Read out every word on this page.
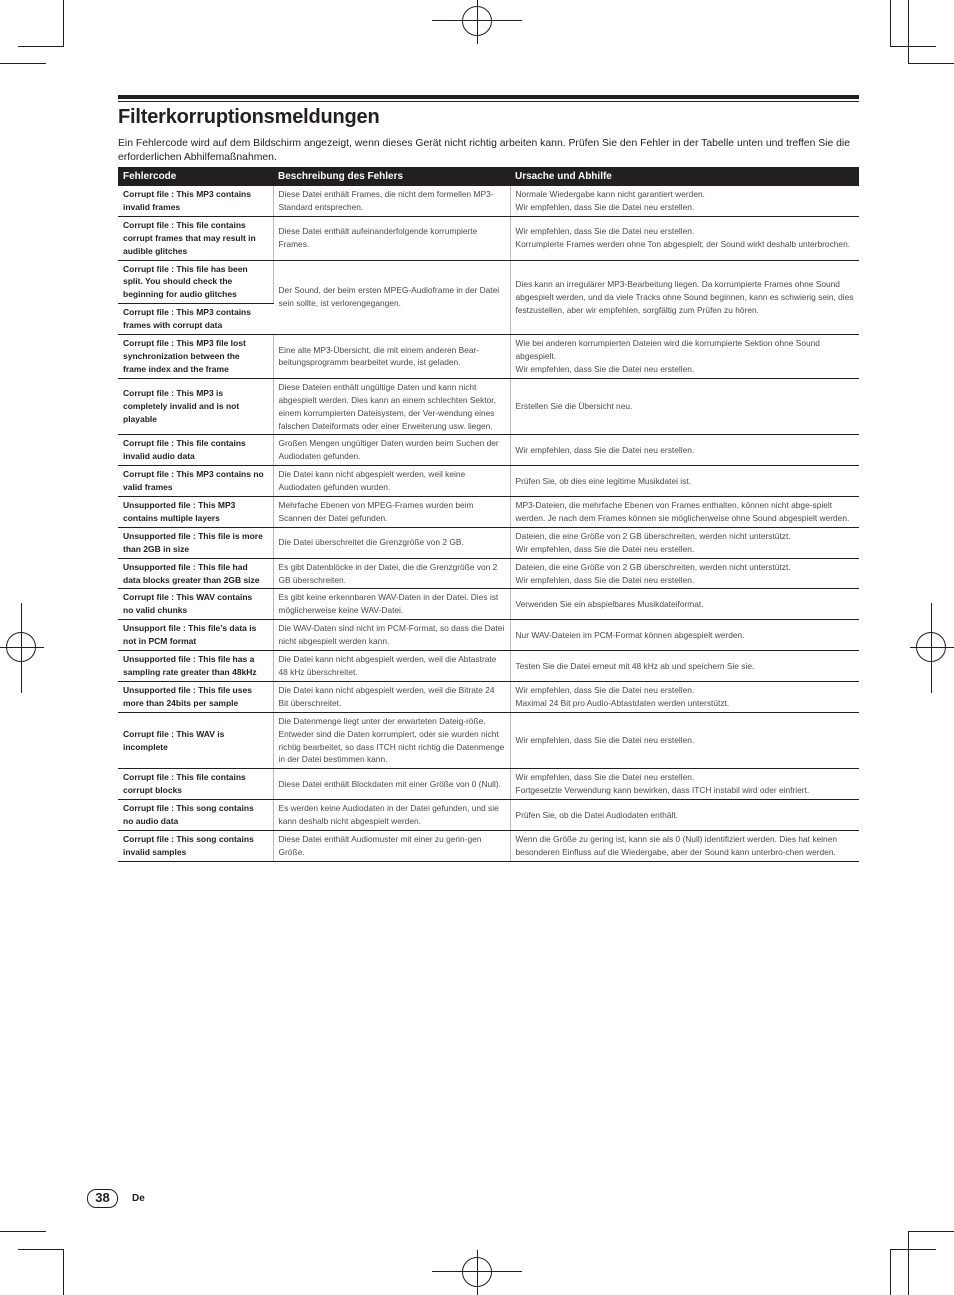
Filterkorruptionsmeldungen

Ein Fehlercode wird auf dem Bildschirm angezeigt, wenn dieses Gerät nicht richtig arbeiten kann. Prüfen Sie den Fehler in der Tabelle unten und treffen Sie die erforderlichen Abhilfemaßnahmen.

Fehlercode	Beschreibung des Fehlers	Ursache und Abhilfe
Corrupt file : This MP3 contains invalid frames	Diese Datei enthält Frames, die nicht dem formellen MP3-Standard entsprechen.	Normale Wiedergabe kann nicht garantiert werden.
Wir empfehlen, dass Sie die Datei neu erstellen.
Corrupt file : This file contains corrupt frames that may result in audible glitches	Diese Datei enthält aufeinanderfolgende korrumpierte Frames.	Wir empfehlen, dass Sie die Datei neu erstellen.
Korrumpierte Frames werden ohne Ton abgespielt; der Sound wirkt deshalb unterbrochen.
Corrupt file : This file has been split. You should check the beginning for audio glitches	Der Sound, der beim ersten MPEG-Audioframe in der Datei sein sollte, ist verlorengegangen.	Dies kann an irregulärer MP3-Bearbeitung liegen. Da korrumpierte Frames ohne Sound abgespielt werden, und da viele Tracks ohne Sound beginnen, kann es schwierig sein, dies festzustellen, aber wir empfehlen, sorgfältig zum Prüfen zu hören.
Corrupt file : This MP3 contains frames with corrupt data		
Corrupt file : This MP3 file lost synchronization between the frame index and the frame	Eine alte MP3-Übersicht, die mit einem anderen Bear-beitungsprogramm bearbeitet wurde, ist geladen.	Wie bei anderen korrumpierten Dateien wird die korrumpierte Sektion ohne Sound abgespielt.
Wir empfehlen, dass Sie die Datei neu erstellen.
Corrupt file : This MP3 is completely invalid and is not playable	Diese Dateien enthält ungültige Daten und kann nicht abgespielt werden. Dies kann an einem schlechten Sektor, einem korrumpierten Dateisystem, der Ver-wendung eines falschen Dateiformats oder einer Erweiterung usw. liegen.	Erstellen Sie die Übersicht neu.
Corrupt file : This file contains invalid audio data	Großen Mengen ungültiger Daten wurden beim Suchen der Audiodaten gefunden.	Wir empfehlen, dass Sie die Datei neu erstellen.
Corrupt file : This MP3 contains no valid frames	Die Datei kann nicht abgespielt werden, weil keine Audiodaten gefunden wurden.	Prüfen Sie, ob dies eine legitime Musikdatei ist.
Unsupported file : This MP3 contains multiple layers	Mehrfache Ebenen von MPEG-Frames wurden beim Scannen der Datei gefunden.	MP3-Dateien, die mehrfache Ebenen von Frames enthalten, können nicht abge-spielt werden. Je nach dem Frames können sie möglicherweise ohne Sound abgespielt werden.
Unsupported file : This file is more than 2GB in size	Die Datei überschreitet die Grenzgröße von 2 GB.	Dateien, die eine Größe von 2 GB überschreiten, werden nicht unterstützt.
Wir empfehlen, dass Sie die Datei neu erstellen.
Unsupported file : This file had data blocks greater than 2GB size	Es gibt Datenblöcke in der Datei, die die Grenzgröße von 2 GB überschreiten.	Dateien, die eine Größe von 2 GB überschreiten, werden nicht unterstützt.
Wir empfehlen, dass Sie die Datei neu erstellen.
Corrupt file : This WAV contains no valid chunks	Es gibt keine erkennbaren WAV-Daten in der Datei. Dies ist möglicherweise keine WAV-Datei.	Verwenden Sie ein abspielbares Musikdateiformat.
Unsupport file : This file’s data is not in PCM format	Die WAV-Daten sind nicht im PCM-Format, so dass die Datei nicht abgespielt werden kann.	Nur WAV-Dateien im PCM-Format können abgespielt werden.
Unsupported file : This file has a sampling rate greater than 48kHz	Die Datei kann nicht abgespielt werden, weil die Abtastrate 48 kHz überschreitet.	Testen Sie die Datei erneut mit 48 kHz ab und speichern Sie sie.
Unsupported file : This file uses more than 24bits per sample	Die Datei kann nicht abgespielt werden, weil die Bitrate 24 Bit überschreitet.	Wir empfehlen, dass Sie die Datei neu erstellen.
Maximal 24 Bit pro Audio-Abtastdaten werden unterstützt.
Corrupt file : This WAV is incomplete	Die Datenmenge liegt unter der erwarteten Dateig-röße. Entweder sind die Daten korrumpiert, oder sie wurden nicht richtig bearbeitet, so dass ITCH nicht richtig die Datenmenge in der Datei bestimmen kann.	Wir empfehlen, dass Sie die Datei neu erstellen.
Corrupt file : This file contains corrupt blocks	Diese Datei enthält Blockdaten mit einer Größe von 0 (Null).	Wir empfehlen, dass Sie die Datei neu erstellen.
Fortgesetzte Verwendung kann bewirken, dass ITCH instabil wird oder einfriert.
Corrupt file : This song contains no audio data	Es werden keine Audiodaten in der Datei gefunden, und sie kann deshalb nicht abgespielt werden.	Prüfen Sie, ob die Datei Audiodaten enthält.
Corrupt file : This song contains invalid samples	Diese Datei enthält Audiomuster mit einer zu gerin-gen Größe.	Wenn die Größe zu gering ist, kann sie als 0 (Null) identifiziert werden. Dies hat keinen besonderen Einfluss auf die Wiedergabe, aber der Sound kann unterbro-chen werden.
38	De
